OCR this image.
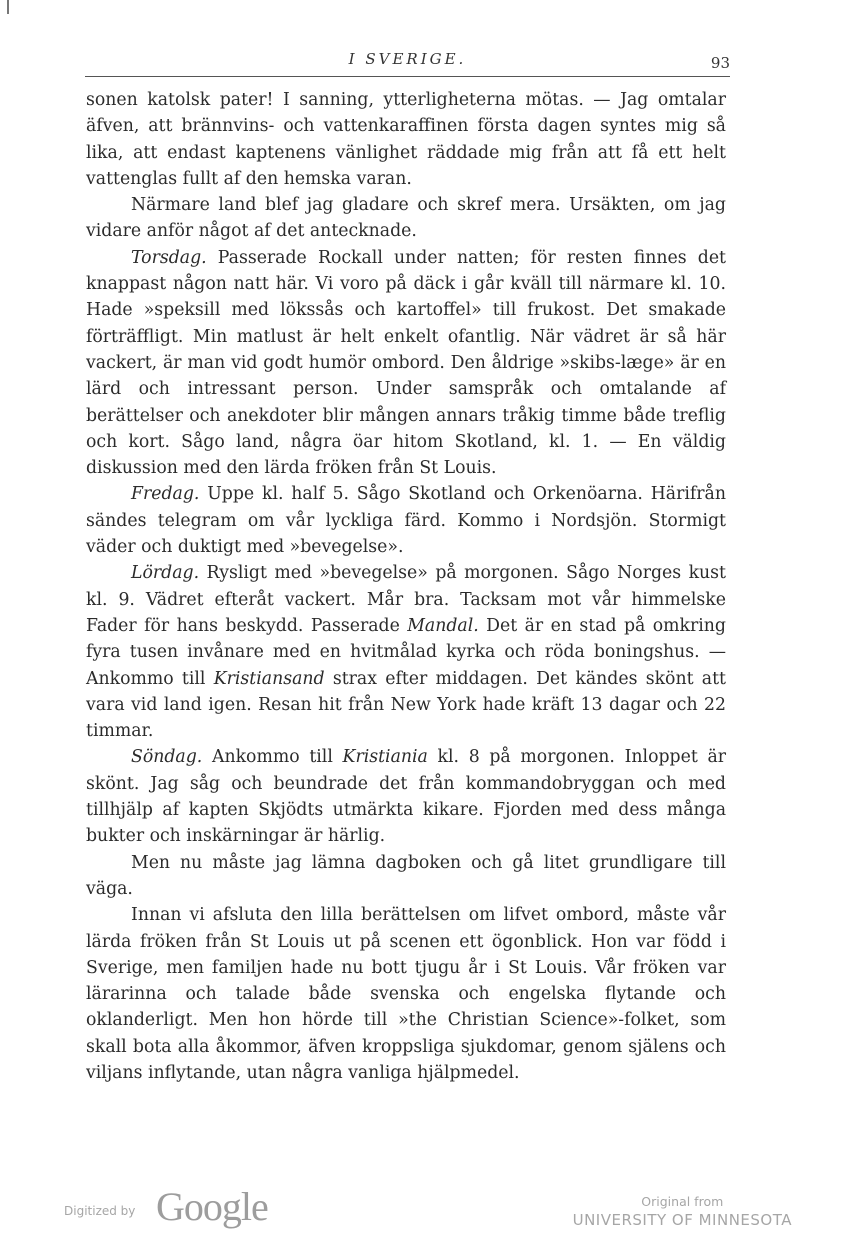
I SVERIGE.	93

sonen katolsk pater! I sanning, ytterligheterna mötas. — Jag omtalar äfven, att brännvins- och vattenkaraffinen första dagen syntes mig så lika, att endast kaptenens vänlighet räddade mig från att få ett helt vattenglas fullt af den hemska varan.

Närmare land blef jag gladare och skref mera. Ursäkten, om jag vidare anför något af det antecknade.

Torsdag. Passerade Rockall under natten; för resten finnes det knappast någon natt här. Vi voro på däck i går kväll till närmare kl. 10. Hade »speksill med lökssås och kartoffel» till frukost. Det smakade förträffligt. Min matlust är helt enkelt ofantlig. När vädret är så här vackert, är man vid godt humör ombord. Den åldrige »skibs-læge» är en lärd och intressant person. Under samspråk och omtalande af berättelser och anekdoter blir mången annars tråkig timme både treflig och kort. Sågo land, några öar hitom Skotland, kl. 1. — En väldig diskussion med den lärda fröken från St Louis.

Fredag. Uppe kl. half 5. Sågo Skotland och Orkenöarna. Härifrån sändes telegram om vår lyckliga färd. Kommo i Nordsjön. Stormigt väder och duktigt med »bevegelse».

Lördag. Rysligt med »bevegelse» på morgonen. Sågo Norges kust kl. 9. Vädret efteråt vackert. Mår bra. Tacksam mot vår himmelske Fader för hans beskydd. Passerade Mandal. Det är en stad på omkring fyra tusen invånare med en hvitmålad kyrka och röda boningshus. — Ankommo till Kristiansand strax efter middagen. Det kändes skönt att vara vid land igen. Resan hit från New York hade kräft 13 dagar och 22 timmar.

Söndag. Ankommo till Kristiania kl. 8 på morgonen. Inloppet är skönt. Jag såg och beundrade det från kommandobryggan och med tillhjälp af kapten Skjödts utmärkta kikare. Fjorden med dess många bukter och inskärningar är härlig.

Men nu måste jag lämna dagboken och gå litet grundligare till väga.

Innan vi afsluta den lilla berättelsen om lifvet ombord, måste vår lärda fröken från St Louis ut på scenen ett ögonblick. Hon var född i Sverige, men familjen hade nu bott tjugu år i St Louis. Vår fröken var lärarinna och talade både svenska och engelska flytande och oklanderligt. Men hon hörde till »the Christian Science»-folket, som skall bota alla åkommor, äfven kroppsliga sjukdomar, genom själens och viljans inflytande, utan några vanliga hjälpmedel.

Digitized by Google	Original from
UNIVERSITY OF MINNESOTA
